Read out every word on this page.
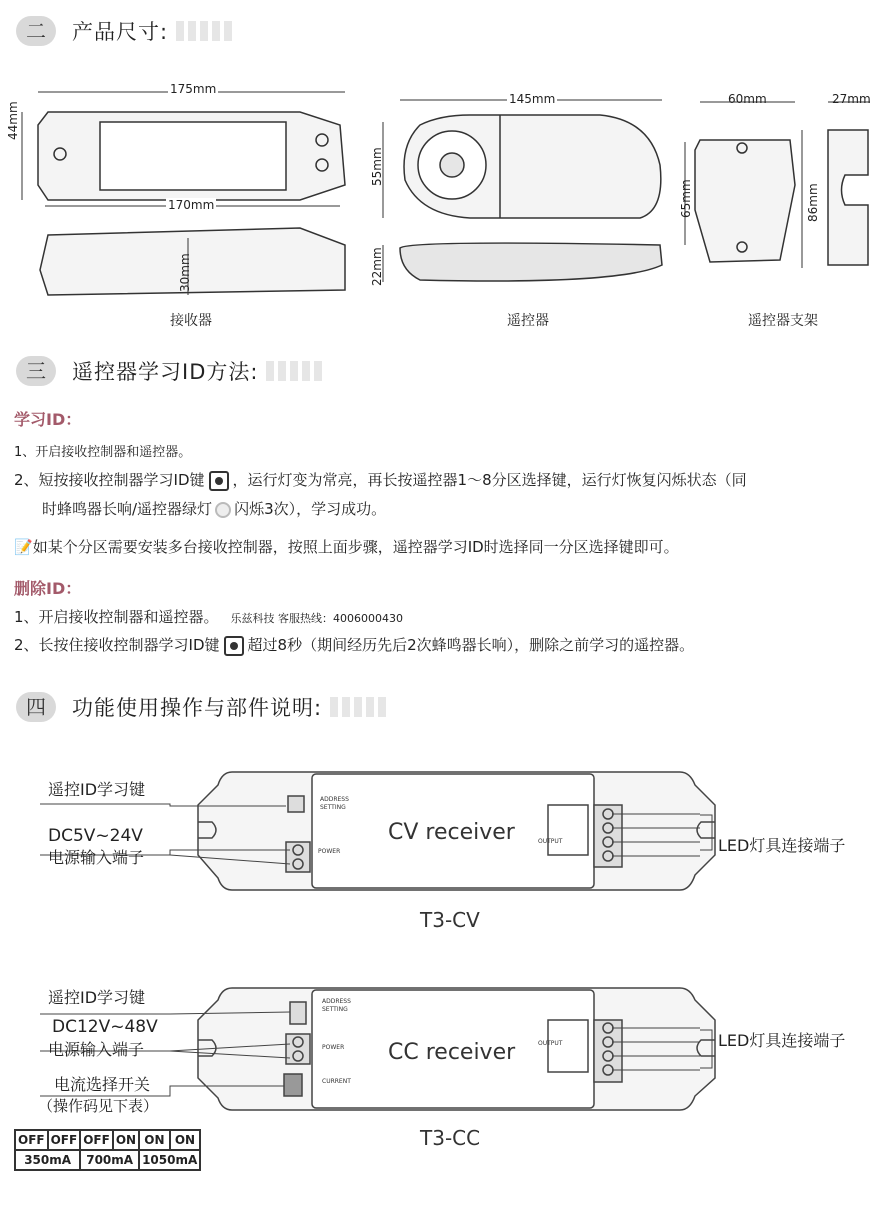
二	产品尺寸:
175mm
44mm
170mm
30mm
接收器
145mm
55mm
22mm
遥控器
60mm
65mm	86mm
27mm
遥控器支架
三	遥控器学习ID方法:
学习ID：
1、开启接收控制器和遥控器。
2、短按接收控制器学习ID键 ，运行灯变为常亮，再长按遥控器1～8分区选择键，运行灯恢复闪烁状态（同
时蜂鸣器长响/遥控器绿灯 闪烁3次），学习成功。
📝如某个分区需要安装多台接收控制器，按照上面步骤，遥控器学习ID时选择同一分区选择键即可。
删除ID：
1、开启接收控制器和遥控器。 乐兹科技 客服热线：4006000430
2、长按住接收控制器学习ID键 超过8秒（期间经历先后2次蜂鸣器长响），删除之前学习的遥控器。
四	功能使用操作与部件说明:
遥控ID学习键
DC5V~24V
电源输入端子
LED灯具连接端子
CV receiver
T3-CV
ADDRESS
SETTING
POWER
OUTPUT
遥控ID学习键
DC12V~48V
电源输入端子
电流选择开关
（操作码见下表）
LED灯具连接端子
CC receiver
T3-CC
ADDRESS
SETTING
POWER
CURRENT
OUTPUT
OFF	OFF	OFF	ON	ON	ON
350mA		700mA		1050mA	
